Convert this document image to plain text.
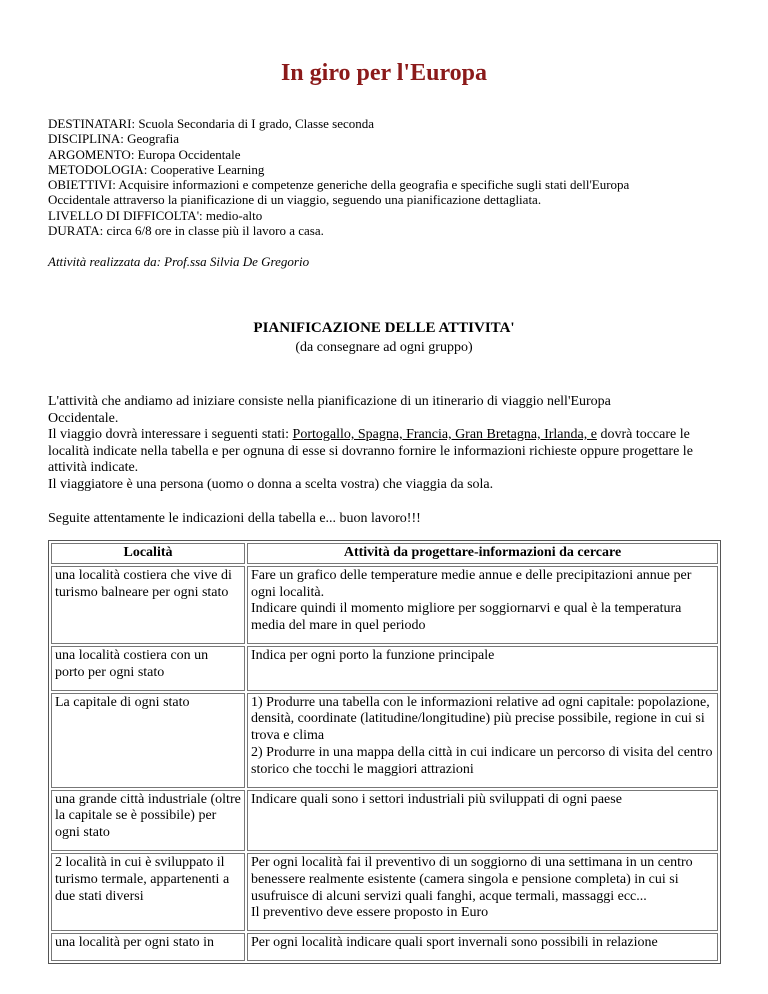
In giro per l'Europa
DESTINATARI: Scuola Secondaria di I grado, Classe seconda
DISCIPLINA: Geografia
ARGOMENTO: Europa Occidentale
METODOLOGIA: Cooperative Learning
OBIETTIVI: Acquisire informazioni e competenze generiche della geografia e specifiche sugli stati dell'Europa
Occidentale attraverso la pianificazione di un viaggio, seguendo una pianificazione dettagliata.
LIVELLO DI DIFFICOLTA': medio-alto
DURATA: circa 6/8 ore in classe più il lavoro a casa.
Attività realizzata da: Prof.ssa Silvia De Gregorio
PIANIFICAZIONE DELLE ATTIVITA'
(da consegnare ad ogni gruppo)

L'attività che andiamo ad iniziare consiste nella pianificazione di un itinerario di viaggio nell'Europa
Occidentale.

Il viaggio dovrà interessare i seguenti stati: Portogallo, Spagna, Francia, Gran Bretagna, Irlanda, e dovrà toccare le località indicate nella tabella e per ognuna di esse si dovranno fornire le informazioni richieste oppure progettare le attività indicate.

Il viaggiatore è una persona (uomo o donna a scelta vostra) che viaggia da sola.

Seguite attentamente le indicazioni della tabella e... buon lavoro!!!
Località	Attività da progettare-informazioni da cercare
una località costiera che vive di turismo balneare per ogni stato	Fare un grafico delle temperature medie annue e delle precipitazioni annue per ogni località.
Indicare quindi il momento migliore per soggiornarvi e qual è la temperatura media del mare in quel periodo
una località costiera con un porto per ogni stato	Indica per ogni porto la funzione principale
La capitale di ogni stato	1) Produrre una tabella con le informazioni relative ad ogni capitale: popolazione, densità, coordinate (latitudine/longitudine) più precise possibile, regione in cui si trova e clima
2) Produrre in una mappa della città in cui indicare un percorso di visita del centro storico che tocchi le maggiori attrazioni
una grande città industriale (oltre la capitale se è possibile) per ogni stato	Indicare quali sono i settori industriali più sviluppati di ogni paese
2 località in cui è sviluppato il turismo termale, appartenenti a due stati diversi	Per ogni località fai il preventivo di un soggiorno di una settimana in un centro benessere realmente esistente (camera singola e pensione completa) in cui si usufruisce di alcuni servizi quali fanghi, acque termali, massaggi ecc...
Il preventivo deve essere proposto in Euro
una località per ogni stato in	Per ogni località indicare quali sport invernali sono possibili in relazione
